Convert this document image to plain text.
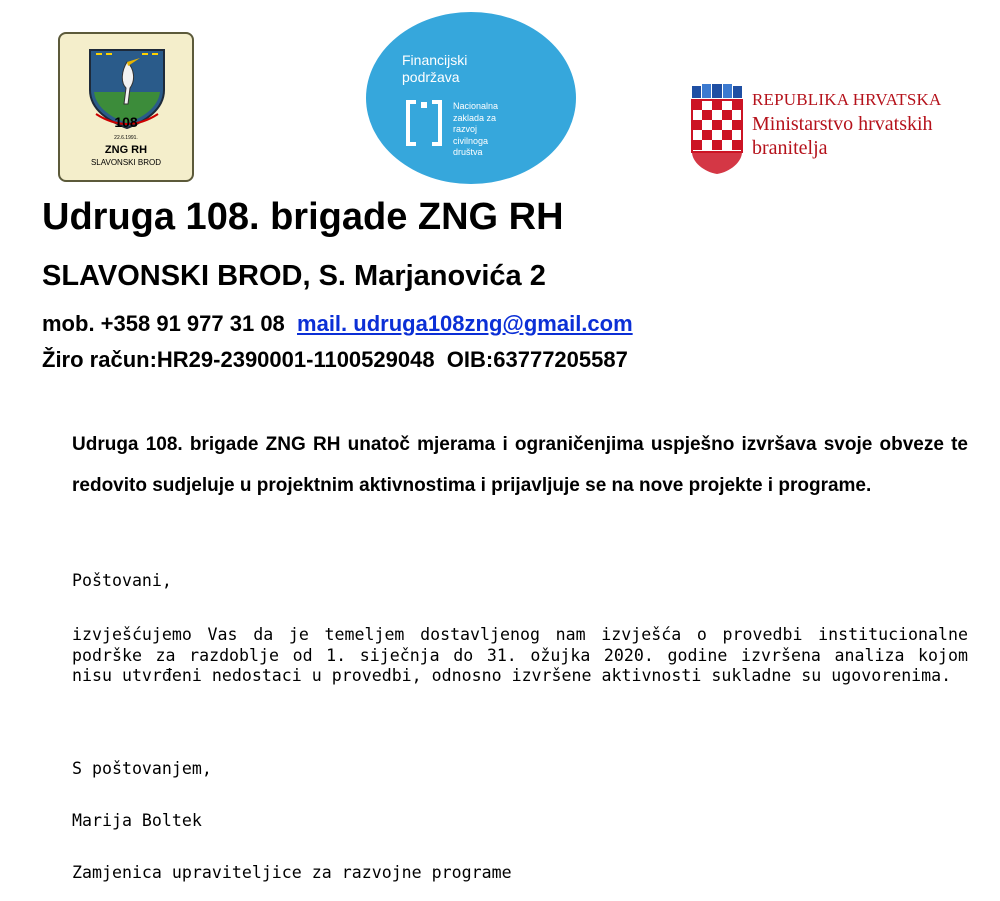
108
22.6.1991.
ZNG RH
SLAVONSKI BROD
Financijski
podržava
Nacionalna
zaklada za
razvoj
civilnoga
društva
REPUBLIKA HRVATSKA
Ministarstvo hrvatskih
branitelja
Udruga 108. brigade ZNG RH
SLAVONSKI BROD, S. Marjanovića 2
mob. +358 91 977 31 08  mail. udruga108zng@gmail.com
Žiro račun:HR29-2390001-1100529048  OIB:63777205587

Udruga 108. brigade ZNG RH unatoč mjerama i ograničenjima uspješno izvršava svoje obveze te redovito sudjeluje u projektnim aktivnostima i prijavljuje se na nove projekte i programe.

Poštovani,

izvješćujemo Vas da je temeljem dostavljenog nam izvješća o provedbi institucionalne podrške za razdoblje od 1. siječnja do 31. ožujka 2020. godine izvršena analiza kojom nisu utvrđeni nedostaci u provedbi, odnosno izvršene aktivnosti sukladne su ugovorenima.

S poštovanjem,

Marija Boltek

Zamjenica upraviteljice za razvojne programe
